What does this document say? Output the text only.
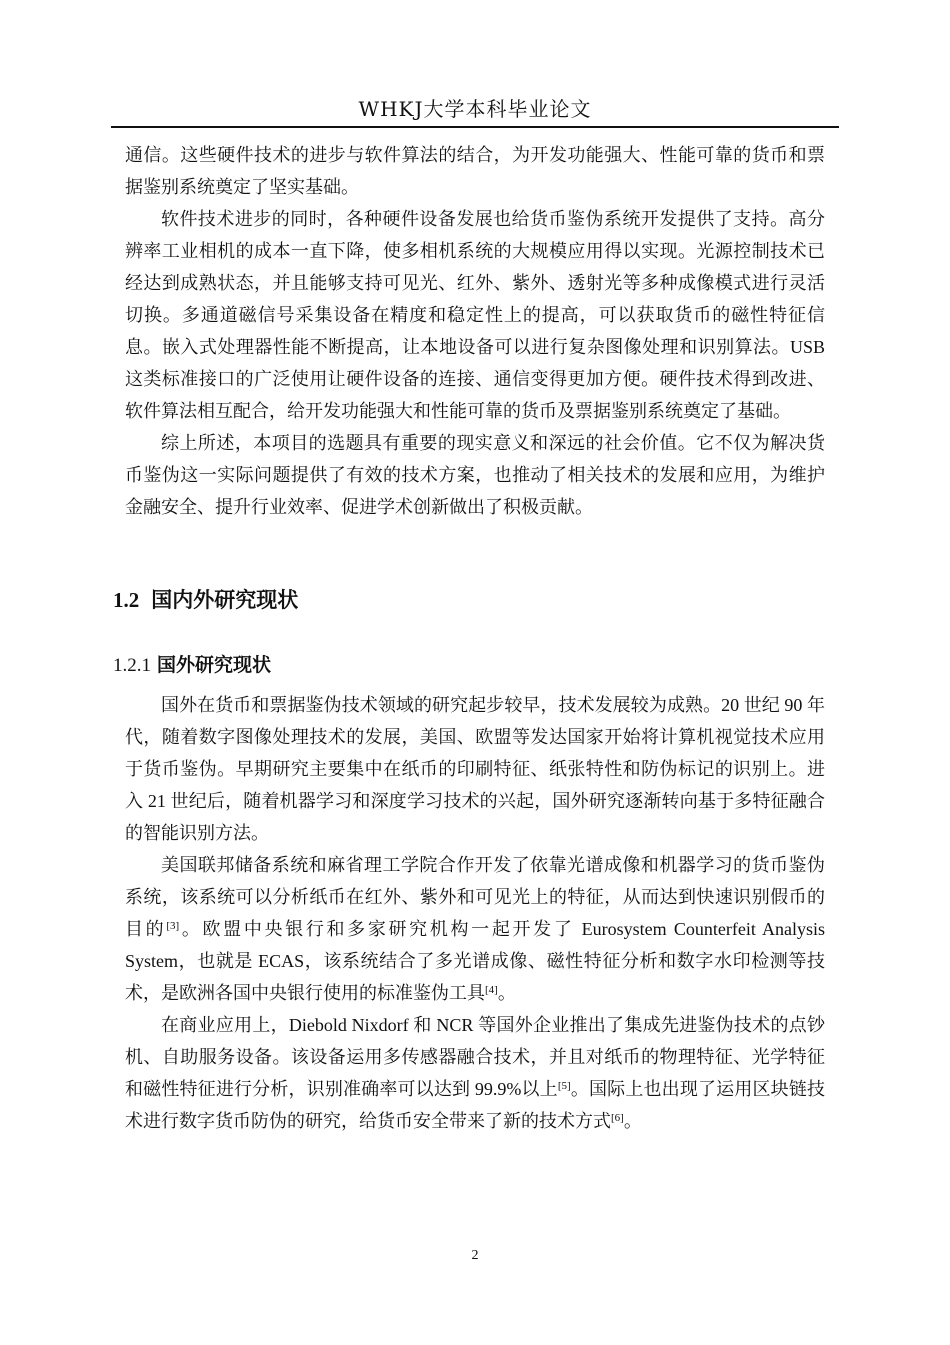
WHKJ大学本科毕业论文

通信。这些硬件技术的进步与软件算法的结合，为开发功能强大、性能可靠的货币和票据鉴别系统奠定了坚实基础。

软件技术进步的同时，各种硬件设备发展也给货币鉴伪系统开发提供了支持。高分辨率工业相机的成本一直下降，使多相机系统的大规模应用得以实现。光源控制技术已经达到成熟状态，并且能够支持可见光、红外、紫外、透射光等多种成像模式进行灵活切换。多通道磁信号采集设备在精度和稳定性上的提高，可以获取货币的磁性特征信息。嵌入式处理器性能不断提高，让本地设备可以进行复杂图像处理和识别算法。USB 这类标准接口的广泛使用让硬件设备的连接、通信变得更加方便。硬件技术得到改进、软件算法相互配合，给开发功能强大和性能可靠的货币及票据鉴别系统奠定了基础。

综上所述，本项目的选题具有重要的现实意义和深远的社会价值。它不仅为解决货币鉴伪这一实际问题提供了有效的技术方案，也推动了相关技术的发展和应用，为维护金融安全、提升行业效率、促进学术创新做出了积极贡献。

1.2 国内外研究现状
1.2.1 国外研究现状

国外在货币和票据鉴伪技术领域的研究起步较早，技术发展较为成熟。20 世纪 90 年代，随着数字图像处理技术的发展，美国、欧盟等发达国家开始将计算机视觉技术应用于货币鉴伪。早期研究主要集中在纸币的印刷特征、纸张特性和防伪标记的识别上。进入 21 世纪后，随着机器学习和深度学习技术的兴起，国外研究逐渐转向基于多特征融合的智能识别方法。

美国联邦储备系统和麻省理工学院合作开发了依靠光谱成像和机器学习的货币鉴伪系统，该系统可以分析纸币在红外、紫外和可见光上的特征，从而达到快速识别假币的目的[3]。欧盟中央银行和多家研究机构一起开发了 Eurosystem Counterfeit Analysis System，也就是 ECAS，该系统结合了多光谱成像、磁性特征分析和数字水印检测等技术，是欧洲各国中央银行使用的标准鉴伪工具[4]。

在商业应用上，Diebold Nixdorf 和 NCR 等国外企业推出了集成先进鉴伪技术的点钞机、自助服务设备。该设备运用多传感器融合技术，并且对纸币的物理特征、光学特征和磁性特征进行分析，识别准确率可以达到 99.9%以上[5]。国际上也出现了运用区块链技术进行数字货币防伪的研究，给货币安全带来了新的技术方式[6]。

2
